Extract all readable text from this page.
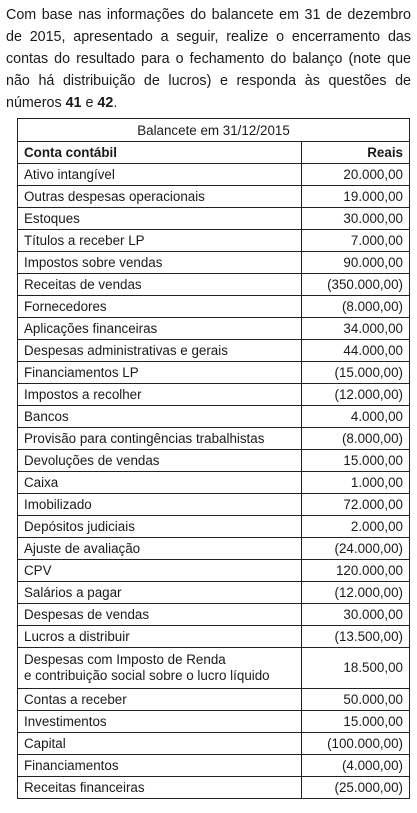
Com base nas informações do balancete em 31 de dezembro de 2015, apresentado a seguir, realize o encerramento das contas do resultado para o fechamento do balanço (note que não há distribuição de lucros) e responda às questões de números 41 e 42.
Balancete em 31/12/2015	
Conta contábil	Reais
Ativo intangível	20.000,00
Outras despesas operacionais	19.000,00
Estoques	30.000,00
Títulos a receber LP	7.000,00
Impostos sobre vendas	90.000,00
Receitas de vendas	(350.000,00)
Fornecedores	(8.000,00)
Aplicações financeiras	34.000,00
Despesas administrativas e gerais	44.000,00
Financiamentos LP	(15.000,00)
Impostos a recolher	(12.000,00)
Bancos	4.000,00
Provisão para contingências trabalhistas	(8.000,00)
Devoluções de vendas	15.000,00
Caixa	1.000,00
Imobilizado	72.000,00
Depósitos judiciais	2.000,00
Ajuste de avaliação	(24.000,00)
CPV	120.000,00
Salários a pagar	(12.000,00)
Despesas de vendas	30.000,00
Lucros a distribuir	(13.500,00)

Despesas com Imposto de Renda
e contribuição social sobre o lucro líquido	18.500,00
Contas a receber	50.000,00
Investimentos	15.000,00
Capital	(100.000,00)
Financiamentos	(4.000,00)
Receitas financeiras	(25.000,00)
